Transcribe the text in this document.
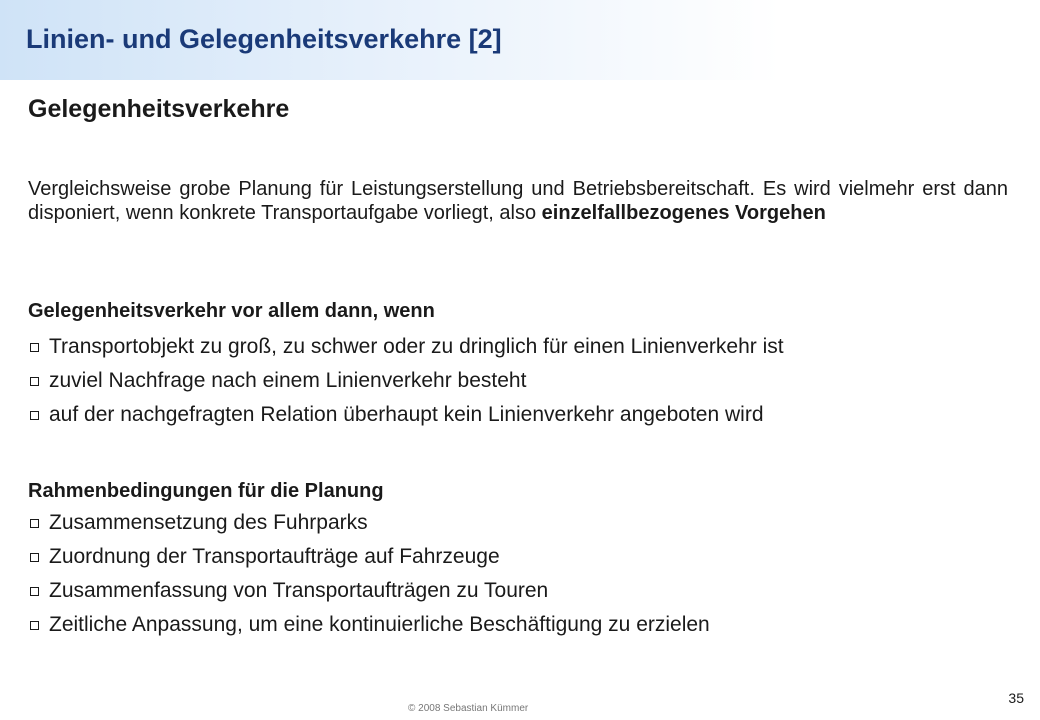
Linien- und Gelegenheitsverkehre [2]
Gelegenheitsverkehre
Vergleichsweise grobe Planung für Leistungserstellung und Betriebsbereitschaft. Es wird vielmehr erst dann disponiert, wenn konkrete Transportaufgabe vorliegt, also einzelfallbezogenes Vorgehen
Gelegenheitsverkehr vor allem dann, wenn
Transportobjekt zu groß, zu schwer oder zu dringlich für einen Linienverkehr ist
zuviel Nachfrage nach einem Linienverkehr besteht
auf der nachgefragten Relation überhaupt kein Linienverkehr angeboten wird
Rahmenbedingungen für die Planung
Zusammensetzung des Fuhrparks
Zuordnung der Transportaufträge auf Fahrzeuge
Zusammenfassung von Transportaufträgen zu Touren
Zeitliche Anpassung, um eine kontinuierliche Beschäftigung zu erzielen
© 2008 Sebastian Kümmer
35
